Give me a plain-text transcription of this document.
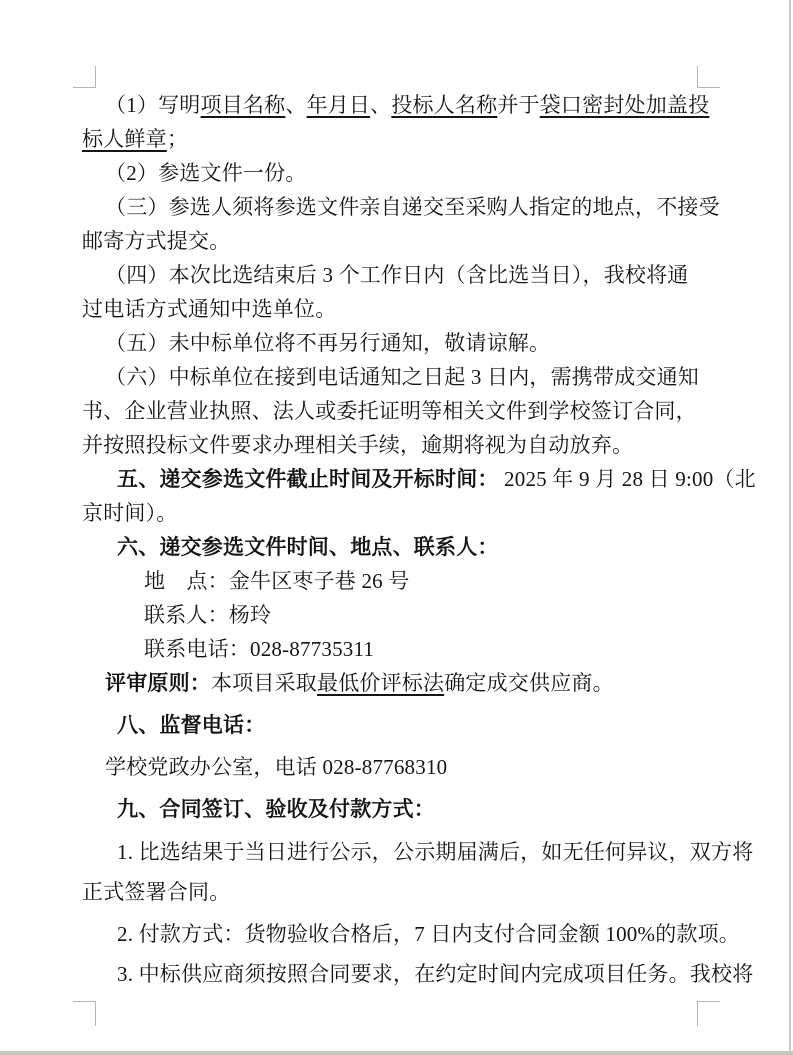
（1）写明项目名称、年月日、投标人名称并于袋口密封处加盖投
标人鲜章；
（2）参选文件一份。
（三）参选人须将参选文件亲自递交至采购人指定的地点，不接受
邮寄方式提交。
（四）本次比选结束后 3 个工作日内（含比选当日），我校将通
过电话方式通知中选单位。
（五）未中标单位将不再另行通知，敬请谅解。
（六）中标单位在接到电话通知之日起 3 日内，需携带成交通知
书、企业营业执照、法人或委托证明等相关文件到学校签订合同，
并按照投标文件要求办理相关手续，逾期将视为自动放弃。
五、递交参选文件截止时间及开标时间： 2025 年 9 月 28 日 9:00（北
京时间）。
六、递交参选文件时间、地点、联系人：
地　点：金牛区枣子巷 26 号
联系人：杨玲
联系电话：028-87735311
评审原则：本项目采取最低价评标法确定成交供应商。
八、监督电话：
学校党政办公室，电话 028-87768310
九、合同签订、验收及付款方式：
1. 比选结果于当日进行公示，公示期届满后，如无任何异议，双方将
正式签署合同。
2. 付款方式：货物验收合格后，7 日内支付合同金额 100%的款项。
3. 中标供应商须按照合同要求，在约定时间内完成项目任务。我校将
